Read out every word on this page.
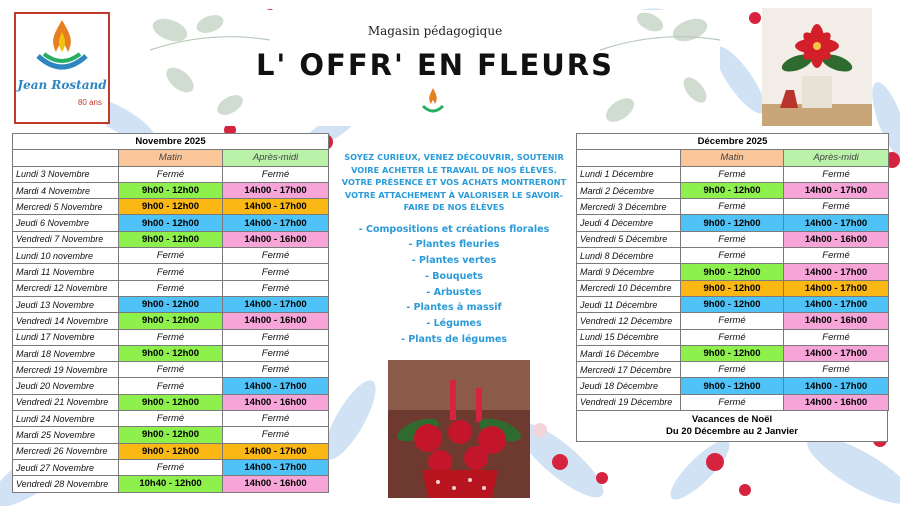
Jean Rostand
80 ans
Magasin pédagogique
L' OFFR' EN FLEURS
Novembre 2025		
	Matin	Après-midi
Lundi 3 Novembre	Fermé	Fermé
Mardi 4 Novembre	9h00 - 12h00	14h00 - 17h00
Mercredi 5 Novembre	9h00 - 12h00	14h00 - 17h00
Jeudi 6 Novembre	9h00 - 12h00	14h00 - 17h00
Vendredi 7 Novembre	9h00 - 12h00	14h00 - 16h00
Lundi 10 novembre	Fermé	Fermé
Mardi 11 Novembre	Fermé	Fermé
Mercredi 12 Novembre	Fermé	Fermé
Jeudi 13 Novembre	9h00 - 12h00	14h00 - 17h00
Vendredi 14 Novembre	9h00 - 12h00	14h00 - 16h00
Lundi 17 Novembre	Fermé	Fermé
Mardi 18 Novembre	9h00 - 12h00	Fermé
Mercredi 19 Novembre	Fermé	Fermé
Jeudi 20 Novembre	Fermé	14h00 - 17h00
Vendredi 21 Novembre	9h00 - 12h00	14h00 - 16h00
Lundi 24 Novembre	Fermé	Fermé
Mardi 25 Novembre	9h00 - 12h00	Fermé
Mercredi 26 Novembre	9h00 - 12h00	14h00 - 17h00
Jeudi 27 Novembre	Fermé	14h00 - 17h00
Vendredi 28 Novembre	10h40 - 12h00	14h00 - 16h00
SOYEZ CURIEUX, VENEZ DÉCOUVRIR, SOUTENIR VOIRE ACHETER LE TRAVAIL DE NOS ÉLÈVES. VOTRE PRÉSENCE ET VOS ACHATS MONTRERONT VOTRE ATTACHEMENT À VALORISER LE SAVOIR-FAIRE DE NOS ÉLÈVES
- Compositions et créations florales
- Plantes fleuries
- Plantes vertes
- Bouquets
- Arbustes
- Plantes à massif
- Légumes
- Plants de légumes
Décembre 2025		
	Matin	Après-midi
Lundi 1 Décembre	Fermé	Fermé
Mardi 2 Décembre	9h00 - 12h00	14h00 - 17h00
Mercredi 3 Décembre	Fermé	Fermé
Jeudi 4 Décembre	9h00 - 12h00	14h00 - 17h00
Vendredi 5 Décembre	Fermé	14h00 - 16h00
Lundi 8 Décembre	Fermé	Fermé
Mardi 9 Décembre	9h00 - 12h00	14h00 - 17h00
Mercredi 10 Décembre	9h00 - 12h00	14h00 - 17h00
Jeudi 11 Décembre	9h00 - 12h00	14h00 - 17h00
Vendredi 12 Décembre	Fermé	14h00 - 16h00
Lundi 15 Décembre	Fermé	Fermé
Mardi 16 Décembre	9h00 - 12h00	14h00 - 17h00
Mercredi 17 Décembre	Fermé	Fermé
Jeudi 18 Décembre	9h00 - 12h00	14h00 - 17h00
Vendredi 19 Décembre	Fermé	14h00 - 16h00
Vacances de Noël
Du 20 Décembre au 2 Janvier
